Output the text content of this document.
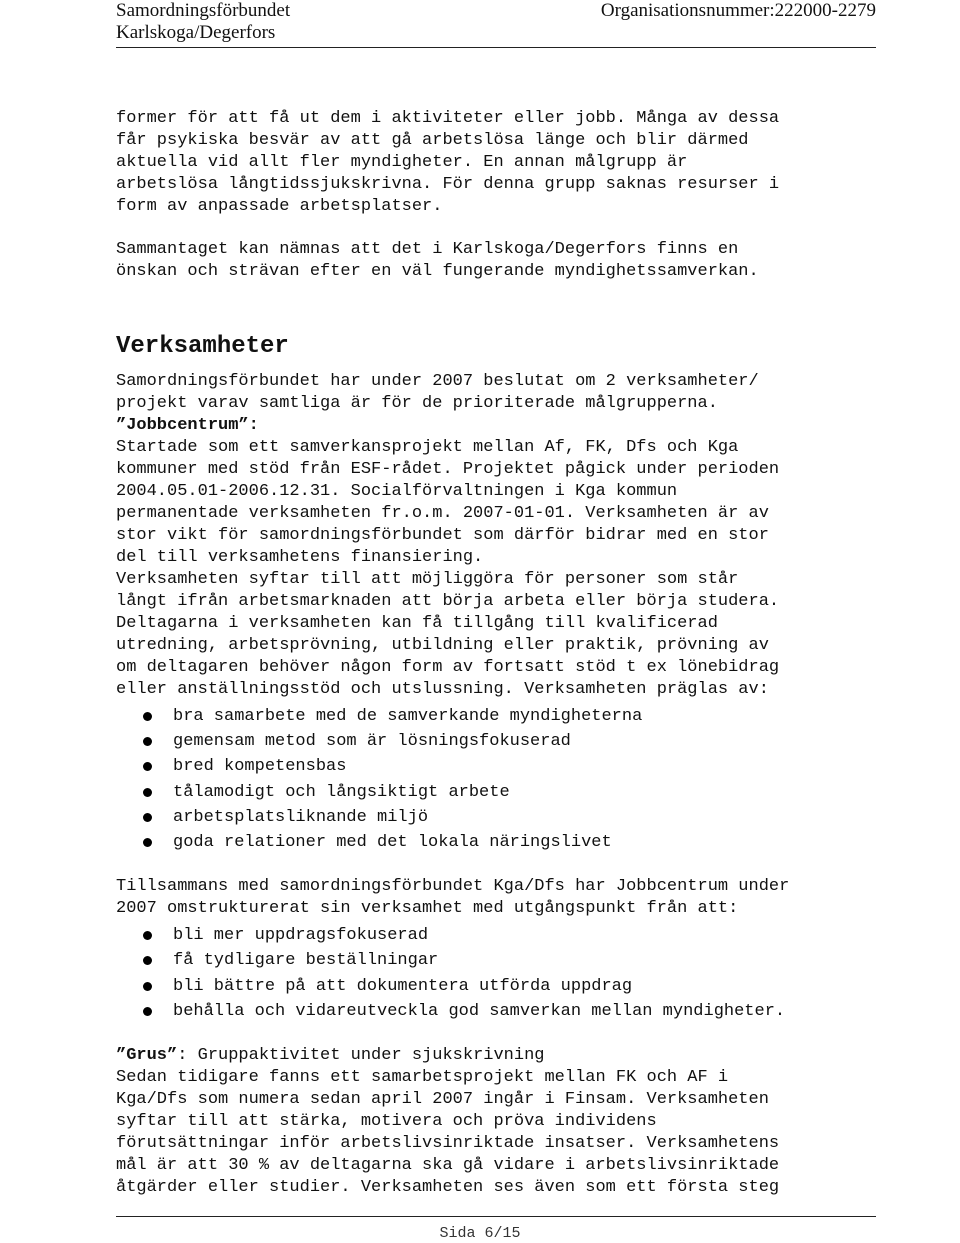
Samordningsförbundet
Karlskoga/Degerfors
Organisationsnummer:222000-2279

former för att få ut dem i aktiviteter eller jobb. Många av dessa

får psykiska besvär av att gå arbetslösa länge och blir därmed

aktuella vid allt fler myndigheter. En annan målgrupp är

arbetslösa långtidssjukskrivna. För denna grupp saknas resurser i

form av anpassade arbetsplatser.

Sammantaget kan nämnas att det i Karlskoga/Degerfors finns en

önskan och strävan efter en väl fungerande myndighetssamverkan.

Verksamheter

Samordningsförbundet har under 2007 beslutat om 2 verksamheter/

projekt varav samtliga är för de prioriterade målgrupperna.

”Jobbcentrum”:

Startade som ett samverkansprojekt mellan Af, FK, Dfs och Kga

kommuner med stöd från ESF-rådet. Projektet pågick under perioden

2004.05.01-2006.12.31. Socialförvaltningen i Kga kommun

permanentade verksamheten fr.o.m. 2007-01-01. Verksamheten är av

stor vikt för samordningsförbundet som därför bidrar med en stor

del till verksamhetens finansiering.

Verksamheten syftar till att möjliggöra för personer som står

långt ifrån arbetsmarknaden att börja arbeta eller börja studera.

Deltagarna i verksamheten kan få tillgång till kvalificerad

utredning, arbetsprövning, utbildning eller praktik, prövning av

om deltagaren behöver någon form av fortsatt stöd t ex lönebidrag

eller anställningsstöd och utslussning. Verksamheten präglas av:

bra samarbete med de samverkande myndigheterna
gemensam metod som är lösningsfokuserad
bred kompetensbas
tålamodigt och långsiktigt arbete
arbetsplatsliknande miljö
goda relationer med det lokala näringslivet

Tillsammans med samordningsförbundet Kga/Dfs har Jobbcentrum under

2007 omstrukturerat sin verksamhet med utgångspunkt från att:

bli mer uppdragsfokuserad
få tydligare beställningar
bli bättre på att dokumentera utförda uppdrag
behålla och vidareutveckla god samverkan mellan myndigheter.

”Grus”: Gruppaktivitet under sjukskrivning

Sedan tidigare fanns ett samarbetsprojekt mellan FK och AF i

Kga/Dfs som numera sedan april 2007 ingår i Finsam. Verksamheten

syftar till att stärka, motivera och pröva individens

förutsättningar inför arbetslivsinriktade insatser. Verksamhetens

mål är att 30 % av deltagarna ska gå vidare i arbetslivsinriktade

åtgärder eller studier. Verksamheten ses även som ett första steg

Sida 6/15
